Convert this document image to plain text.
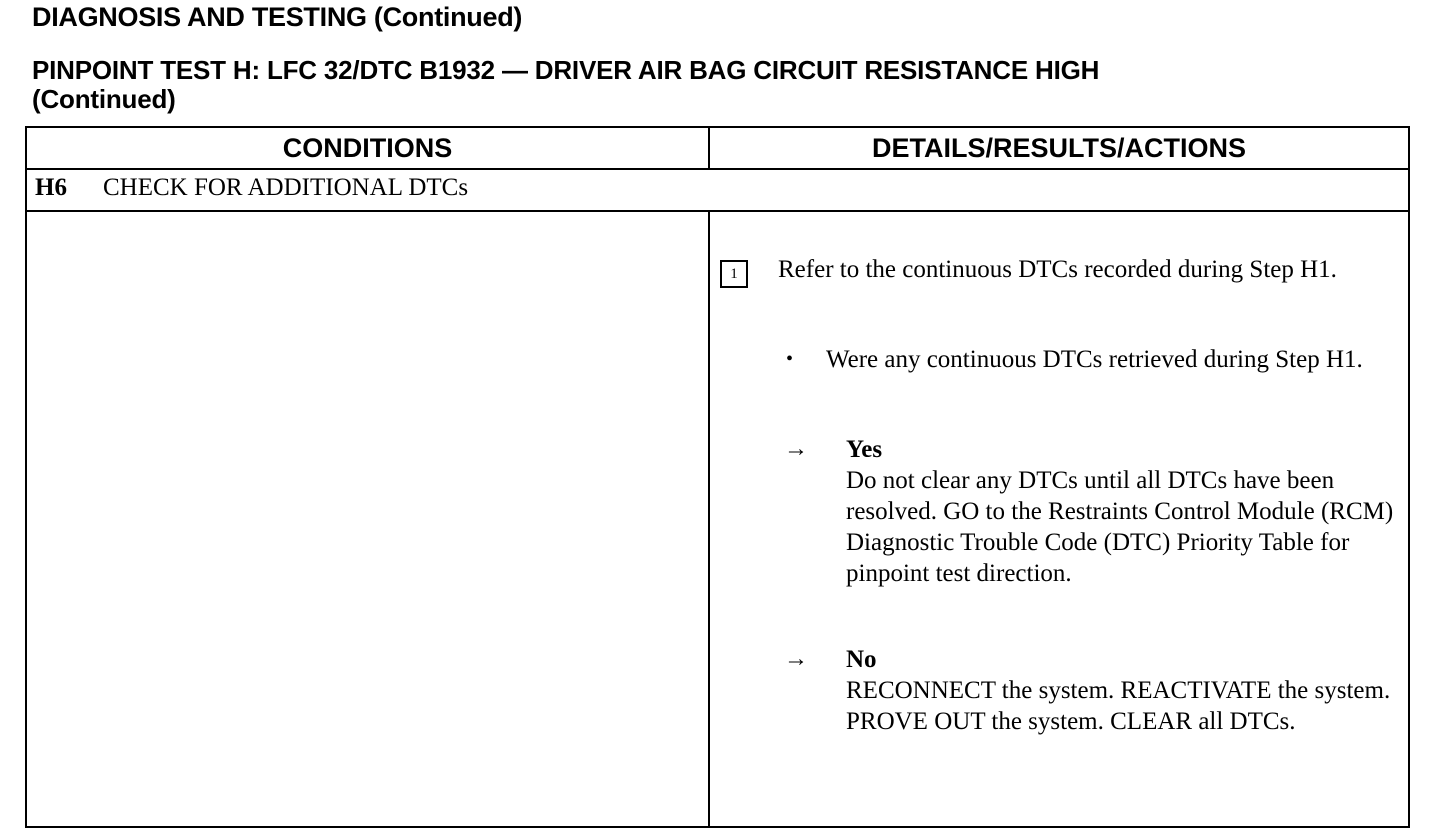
DIAGNOSIS AND TESTING (Continued)
PINPOINT TEST H: LFC 32/DTC B1932 — DRIVER AIR BAG CIRCUIT RESISTANCE HIGH
(Continued)
CONDITIONS	DETAILS/RESULTS/ACTIONS
H6 CHECK FOR ADDITIONAL DTCs
1	Refer to the continuous DTCs recorded during Step H1.
•	Were any continuous DTCs retrieved during Step H1.
→ Yes
Do not clear any DTCs until all DTCs have been resolved. GO to the Restraints Control Module (RCM) Diagnostic Trouble Code (DTC) Priority Table for pinpoint test direction.
→ No
RECONNECT the system. REACTIVATE the system. PROVE OUT the system. CLEAR all DTCs.
